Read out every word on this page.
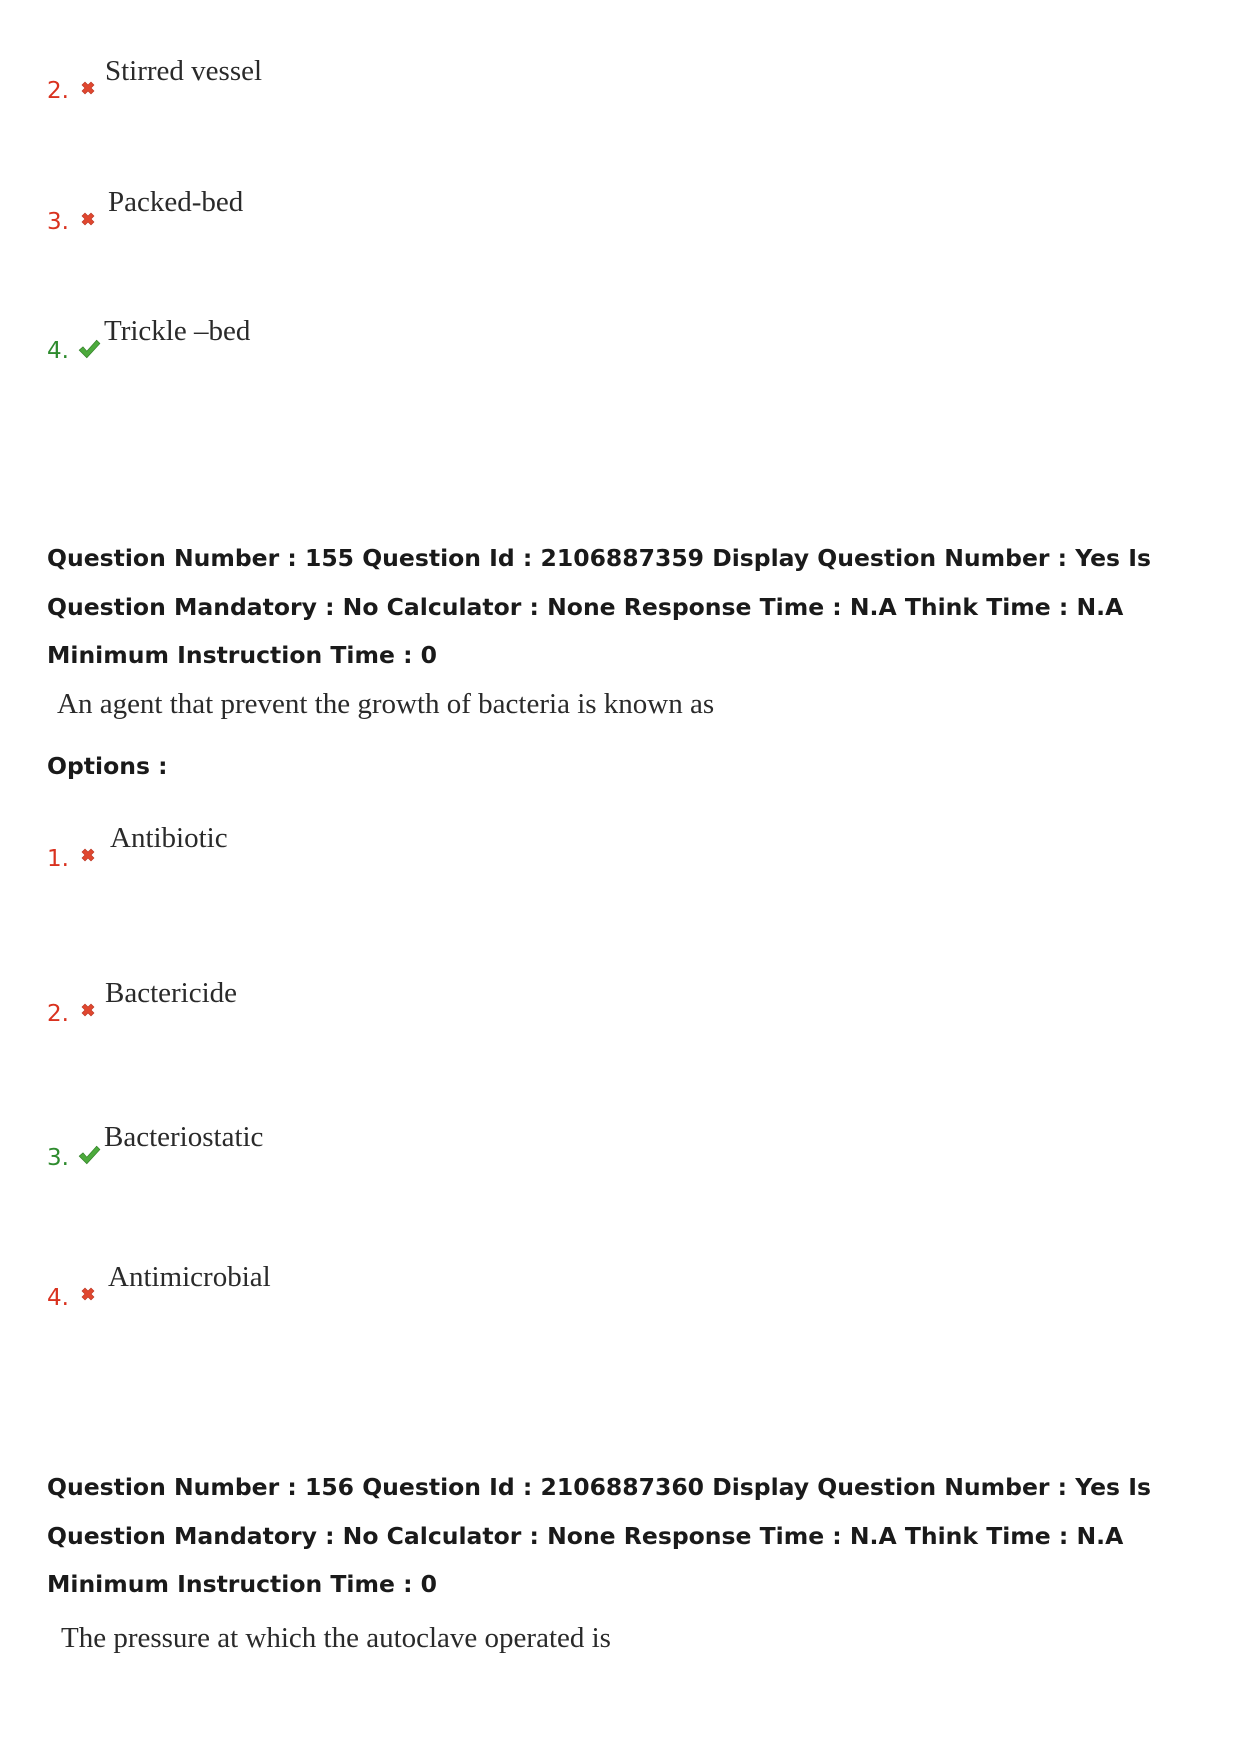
2.
Stirred vessel
3.
Packed-bed
4.
Trickle –bed
Question Number : 155 Question Id : 2106887359 Display Question Number : Yes Is Question Mandatory : No Calculator : None Response Time : N.A Think Time : N.A Minimum Instruction Time : 0
An agent that prevent the growth of bacteria is known as
Options :
1.
Antibiotic
2.
Bactericide
3.
Bacteriostatic
4.
Antimicrobial
Question Number : 156 Question Id : 2106887360 Display Question Number : Yes Is Question Mandatory : No Calculator : None Response Time : N.A Think Time : N.A Minimum Instruction Time : 0
The pressure at which the autoclave operated is
